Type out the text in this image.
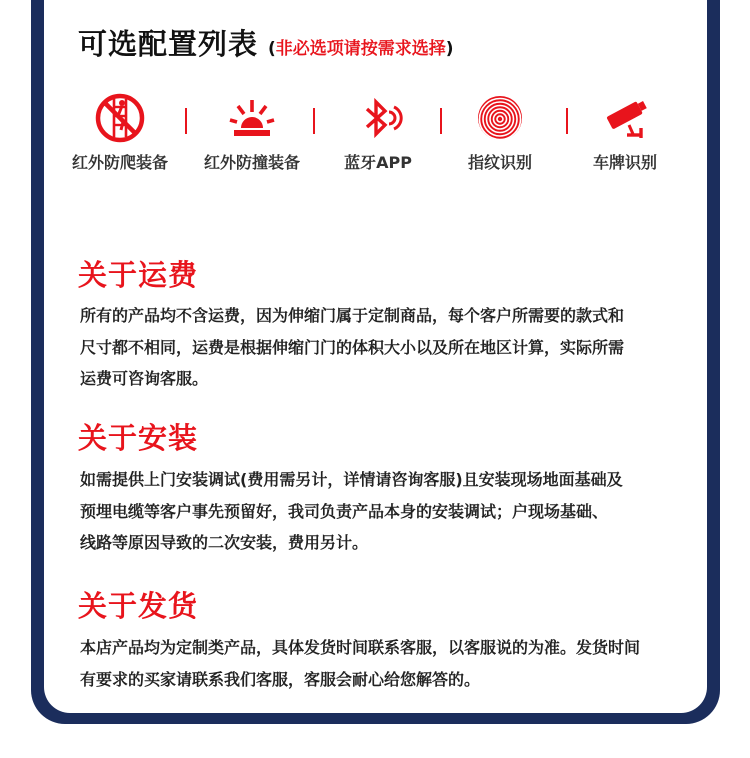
可选配置列表 (非必选项请按需求选择)
红外防爬装备	红外防撞装备	蓝牙APP	指纹识别	车牌识别
关于运费

所有的产品均不含运费，因为伸缩门属于定制商品，每个客户所需要的款式和
尺寸都不相同，运费是根据伸缩门门的体积大小以及所在地区计算，实际所需
运费可咨询客服。

关于安装

如需提供上门安装调试(费用需另计，详情请咨询客服)且安装现场地面基础及
预埋电缆等客户事先预留好，我司负责产品本身的安装调试；户现场基础、
线路等原因导致的二次安装，费用另计。

关于发货

本店产品均为定制类产品，具体发货时间联系客服，以客服说的为准。发货时间
有要求的买家请联系我们客服，客服会耐心给您解答的。
